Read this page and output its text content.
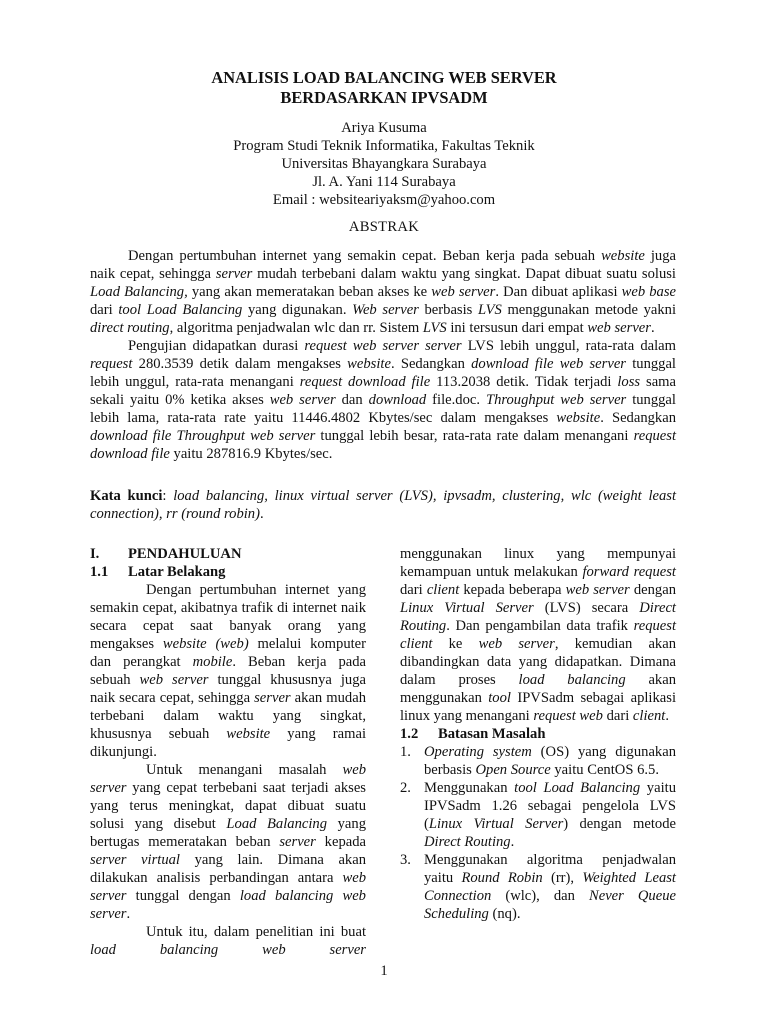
ANALISIS LOAD BALANCING WEB SERVER
BERDASARKAN IPVSADM
Ariya Kusuma
Program Studi Teknik Informatika, Fakultas Teknik
Universitas Bhayangkara Surabaya
Jl. A. Yani 114 Surabaya
Email : websiteariyaksm@yahoo.com
ABSTRAK

Dengan pertumbuhan internet yang semakin cepat. Beban kerja pada sebuah website juga naik cepat, sehingga server mudah terbebani dalam waktu yang singkat. Dapat dibuat suatu solusi Load Balancing, yang akan memeratakan beban akses ke web server. Dan dibuat aplikasi web base dari tool Load Balancing yang digunakan. Web server berbasis LVS menggunakan metode yakni direct routing, algoritma penjadwalan wlc dan rr. Sistem LVS ini tersusun dari empat web server.

Pengujian didapatkan durasi request web server server LVS lebih unggul, rata-rata dalam request 280.3539 detik dalam mengakses website. Sedangkan download file web server tunggal lebih unggul, rata-rata menangani request download file 113.2038 detik. Tidak terjadi loss sama sekali yaitu 0% ketika akses web server dan download file.doc. Throughput web server tunggal lebih lama, rata-rata rate yaitu 11446.4802 Kbytes/sec dalam mengakses website. Sedangkan download file Throughput web server tunggal lebih besar, rata-rata rate dalam menangani request download file yaitu 287816.9 Kbytes/sec.

Kata kunci: load balancing, linux virtual server (LVS), ipvsadm, clustering, wlc (weight least connection), rr (round robin).

I.	PENDAHULUAN
1.1	Latar Belakang

Dengan pertumbuhan internet yang semakin cepat, akibatnya trafik di internet naik secara cepat saat banyak orang yang mengakses website (web) melalui komputer dan perangkat mobile. Beban kerja pada sebuah web server tunggal khususnya juga naik secara cepat, sehingga server akan mudah terbebani dalam waktu yang singkat, khususnya sebuah website yang ramai dikunjungi.

Untuk menangani masalah web server yang cepat terbebani saat terjadi akses yang terus meningkat, dapat dibuat suatu solusi yang disebut Load Balancing yang bertugas memeratakan beban server kepada server virtual yang lain. Dimana akan dilakukan analisis perbandingan antara web server tunggal dengan load balancing web server.

Untuk itu, dalam penelitian ini buat load balancing web server

menggunakan linux yang mempunyai kemampuan untuk melakukan forward request dari client kepada beberapa web server dengan Linux Virtual Server (LVS) secara Direct Routing. Dan pengambilan data trafik request client ke web server, kemudian akan dibandingkan data yang didapatkan. Dimana dalam proses load balancing akan menggunakan tool IPVSadm sebagai aplikasi linux yang menangani request web dari client.

1.2	Batasan Masalah
1. Operating system (OS) yang digunakan berbasis Open Source yaitu CentOS 6.5.
2. Menggunakan tool Load Balancing yaitu IPVSadm 1.26 sebagai pengelola LVS (Linux Virtual Server) dengan metode Direct Routing.
3. Menggunakan algoritma penjadwalan yaitu Round Robin (rr), Weighted Least Connection (wlc), dan Never Queue Scheduling (nq).
1
